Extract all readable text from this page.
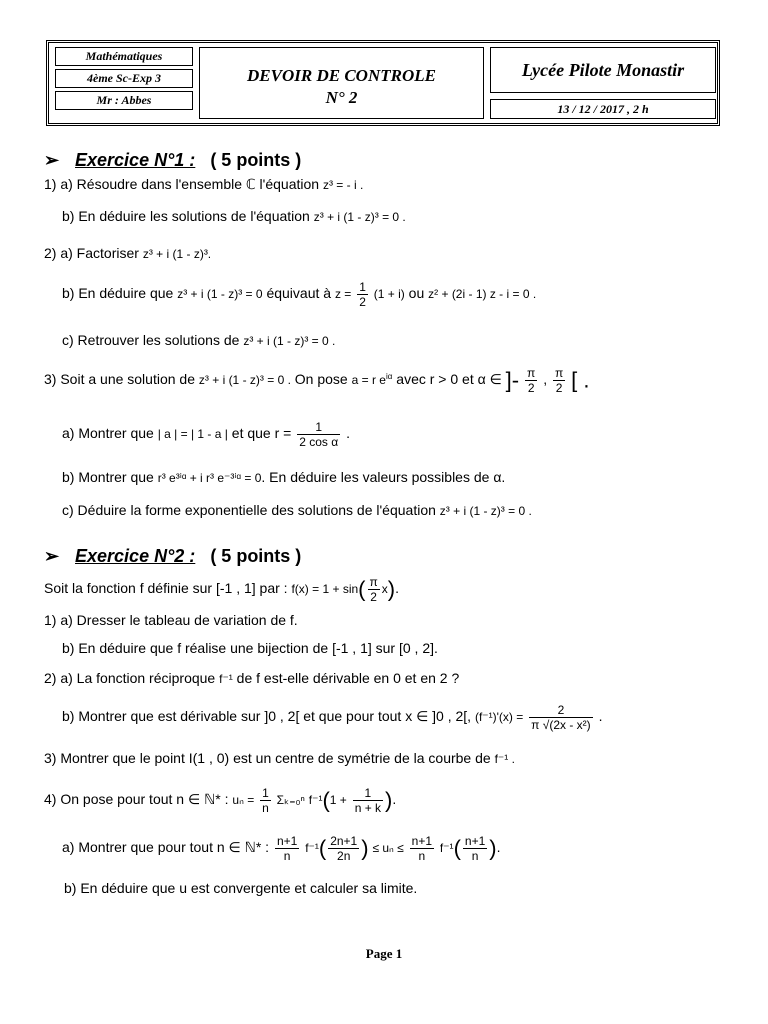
Mathématiques
4ème Sc-Exp 3
Mr : Abbes
DEVOIR DE CONTROLE
N° 2
Lycée Pilote Monastir
13 / 12 / 2017 , 2 h
➢ Exercice N°1 : ( 5 points )
1) a) Résoudre dans l'ensemble ℂ l'équation z³ = - i .
b) En déduire les solutions de l'équation z³ + i (1 - z)³ = 0 .
2) a) Factoriser z³ + i (1 - z)³.
b) En déduire que z³ + i (1 - z)³ = 0 équivaut à $z = \frac{1}{2} (1 + i)$ ou z² + (2i - 1) z - i = 0 .
c) Retrouver les solutions de z³ + i (1 - z)³ = 0 .
3) Soit a une solution de z³ + i (1 - z)³ = 0 . On pose a = r $e^{i\alpha}$ avec r > 0 et α ∈ ]- $\frac{\pi}{2}$ , $\frac{\pi}{2}$ [ .
a) Montrer que | a | = | 1 - a | et que $r = \frac{1}{\text{2 cos α}}$ .
b) Montrer que r³ e³ⁱᵅ + i r³ e⁻³ⁱᵅ = 0. En déduire les valeurs possibles de α.
c) Déduire la forme exponentielle des solutions de l'équation z³ + i (1 - z)³ = 0 .
➢ Exercice N°2 : ( 5 points )
Soit la fonction f définie sur [-1 , 1] par : $f(x) = 1 + \sin( \frac{\pi}{2} x)$.
1) a) Dresser le tableau de variation de f.
b) En déduire que f réalise une bijection de [-1 , 1] sur [0 , 2].
2) a) La fonction réciproque f⁻¹ de f est-elle dérivable en 0 et en 2 ?
b) Montrer que est dérivable sur ]0 , 2[ et que pour tout x ∈ ]0 , 2[, $(f^{-1})'(x) = \frac{2}{\text{π √(2x - x²)}}$ .
3) Montrer que le point I(1 , 0) est un centre de symétrie de la courbe de f⁻¹ .
4) On pose pour tout n ∈ ℕ* : $u_n = \frac{1}{n} \Sigma_{k=0}^n$ $f^{-1}(1 + \frac{1}{n + k}$ ).
a) Montrer que pour tout n ∈ ℕ* : $\frac{n+1}{n} f^{-1}( \frac{2n+1}{2n}$ ) ≤ $u_n \le \frac{n+1}{n} f^{-1}( \frac{n+1}{n}$ ).
b) En déduire que u est convergente et calculer sa limite.
Page 1
